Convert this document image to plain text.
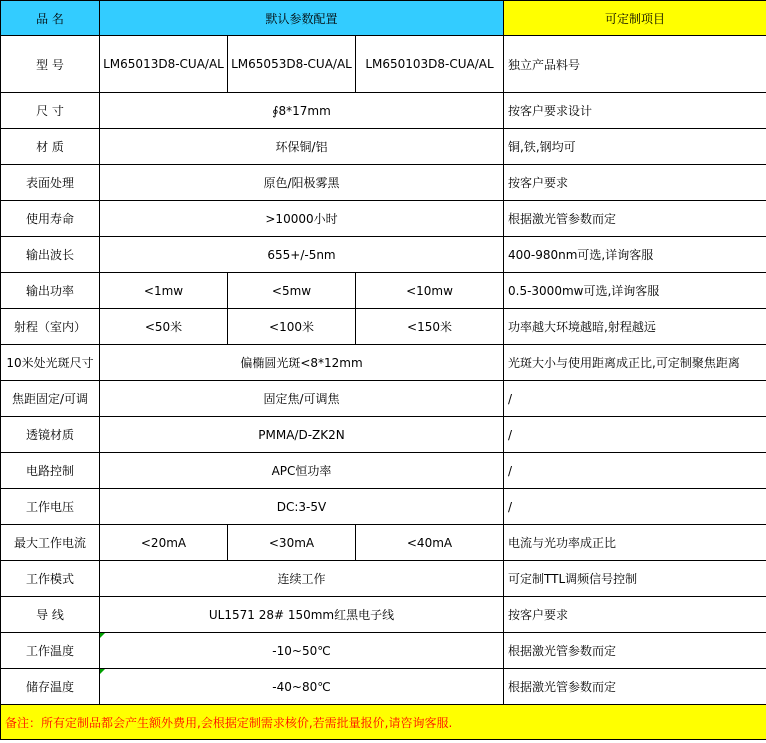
品 名	默认参数配置			可定制项目
型 号	LM65013D8-CUA/AL	LM65053D8-CUA/AL	LM650103D8-CUA/AL	独立产品料号
尺 寸	∮8*17mm			按客户要求设计
材 质	环保铜/铝			铜,铁,钢均可
表面处理	原色/阳极雾黑			按客户要求
使用寿命	>10000小时			根据激光管参数而定
输出波长	655+/-5nm			400-980nm可选,详询客服
输出功率	<1mw	<5mw	<10mw	0.5-3000mw可选,详询客服
射程（室内）	<50米	<100米	<150米	功率越大环境越暗,射程越远
10米处光斑尺寸	偏椭圆光斑<8*12mm			光斑大小与使用距离成正比,可定制聚焦距离
焦距固定/可调	固定焦/可调焦			/
透镜材质	PMMA/D-ZK2N			/
电路控制	APC恒功率			/
工作电压	DC:3-5V			/
最大工作电流	<20mA	<30mA	<40mA	电流与光功率成正比
工作模式	连续工作			可定制TTL调频信号控制
导 线	UL1571 28# 150mm红黑电子线			按客户要求
工作温度	-10~50℃			根据激光管参数而定
储存温度	-40~80℃			根据激光管参数而定
备注：所有定制品都会产生额外费用,会根据定制需求核价,若需批量报价,请咨询客服.				
